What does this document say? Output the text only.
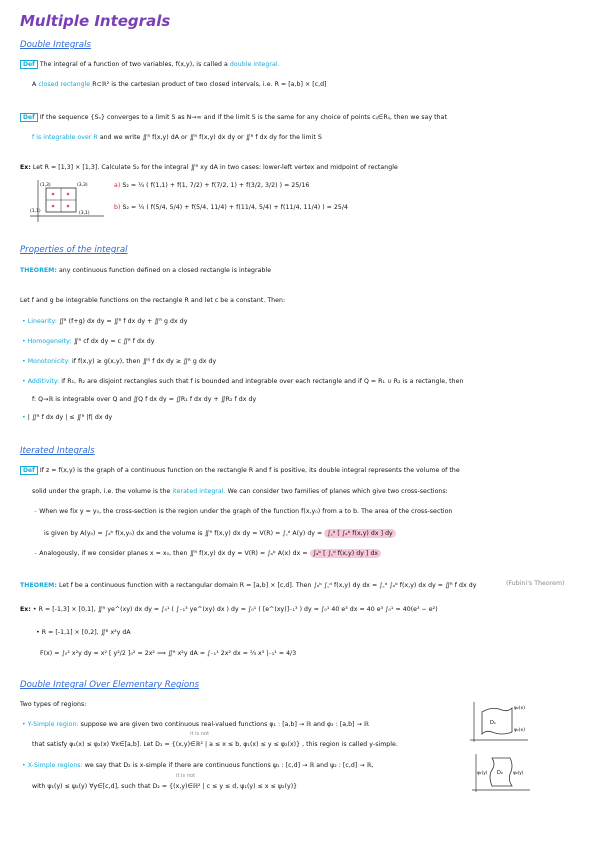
Multiple Integrals
Double Integrals
Def The integral of a function of two variables, f(x,y), is called a double integral.
A closed rectangle R⊂ℝ² is the cartesian product of two closed intervals, i.e. R = [a,b] × [c,d]
Def If the sequence {Sₙ} converges to a limit S as N→∞ and if the limit S is the same for any choice of points cᵢⱼ∈Rᵢⱼ, then we say that
f is integrable over R and we write ∬ᴿ f(x,y) dA or ∬ᴿ f(x,y) dx dy or ∬ᴿ f dx dy for the limit S
Ex: Let R = [1,3] × [1,3]. Calculate S₂ for the integral ∬ᴿ xy dA in two cases: lower-left vertex and midpoint of rectangle
(1,3)	(3,3)
(1,1)	(3,1)
a) S₂ = ¼ ( f(1,1) + f(1, 7/2) + f(7/2, 1) + f(3/2, 3/2) ) = 25/16
b) S₂ = ¼ ( f(5/4, 5/4) + f(5/4, 11/4) + f(11/4, 5/4) + f(11/4, 11/4) ) = 25/4
Properties of the integral
THEOREM: any continuous function defined on a closed rectangle is integrable
Let f and g be integrable functions on the rectangle R and let c be a constant. Then:
• Linearity: ∬ᴿ (f+g) dx dy = ∬ᴿ f dx dy + ∬ᴿ g dx dy
• Homogeneity: ∬ᴿ cf dx dy = c ∬ᴿ f dx dy
• Monotonicity: if f(x,y) ≥ g(x,y), then ∬ᴿ f dx dy ≥ ∬ᴿ g dx dy
• Additivity: if R₁, R₂ are disjoint rectangles such that f is bounded and integrable over each rectangle and if Q = R₁ ∪ R₂ is a rectangle, then
f: Q→ℝ is integrable over Q and ∬Q f dx dy = ∬R₁ f dx dy + ∬R₂ f dx dy
• | ∬ᴿ f dx dy | ≤ ∬ᴿ |f| dx dy
Iterated Integrals
Def If z = f(x,y) is the graph of a continuous function on the rectangle R and f is positive, its double integral represents the volume of the
solid under the graph, i.e. the volume is the iterated integral. We can consider two families of planes which give two cross-sections:
– When we fix y = y₀, the cross-section is the region under the graph of the function f(x,y₀) from a to b. The area of the cross-section
is given by A(y₀) = ∫ₐᵇ f(x,y₀) dx and the volume is ∬ᴿ f(x,y) dx dy = V(R) = ∫꜀ᵈ A(y) dy = ∫꜀ᵈ [ ∫ₐᵇ f(x,y) dx ] dy
– Analogously, if we consider planes x = x₀, then ∬ᴿ f(x,y) dx dy = V(R) = ∫ₐᵇ A(x) dx = ∫ₐᵇ [ ∫꜀ᵈ f(x,y) dy ] dx
THEOREM: Let f be a continuous function with a rectangular domain R = [a,b] × [c,d]. Then ∫ₐᵇ ∫꜀ᵈ f(x,y) dy dx = ∫꜀ᵈ ∫ₐᵇ f(x,y) dx dy = ∬ᴿ f dx dy	(Fubini's Theorem)
Ex: • R = [-1,3] × [0,1], ∬ᴿ ye^(xy) dx dy = ∫₀¹ ( ∫₋₁³ ye^(xy) dx ) dy = ∫₀¹ ( [e^(xy)]₋₁³ ) dy = ∫₀¹ 40 e³ dx = 40 e³ ∫₀¹ = 40(e³ − e²)
• R = [-1,1] × [0,2], ∬ᴿ x²y dA
F(x) = ∫₀² x²y dy = x² [ y²/2 ]₀² = 2x² ⟹ ∬ᴿ x²y dA = ∫₋₁¹ 2x² dx = ⅔ x³ |₋₁¹ = 4/3
Double Integral Over Elementary Regions
Two types of regions:
• Y-Simple region: suppose we are given two continuous real-valued functions φ₁ : [a,b] → ℝ and φ₂ : [a,b] → ℝ
it is not
that satisfy φ₁(x) ≤ φ₂(x) ∀x∈[a,b]. Let D₁ = {(x,y)∈ℝ² | a ≤ x ≤ b, φ₁(x) ≤ y ≤ φ₂(x)} , this region is called y-simple.
• X-Simple regions: we say that D₂ is x-simple if there are continuous functions ψ₁ : [c,d] → ℝ and ψ₂ : [c,d] → ℝ,
it is not
with ψ₁(y) ≤ ψ₂(y) ∀y∈[c,d], such that D₂ = {(x,y)∈ℝ² | c ≤ y ≤ d, ψ₁(y) ≤ x ≤ ψ₂(y)}
D₁
φ₂(x)
φ₁(x)
D₂
ψ₁(y)	ψ₂(y)
